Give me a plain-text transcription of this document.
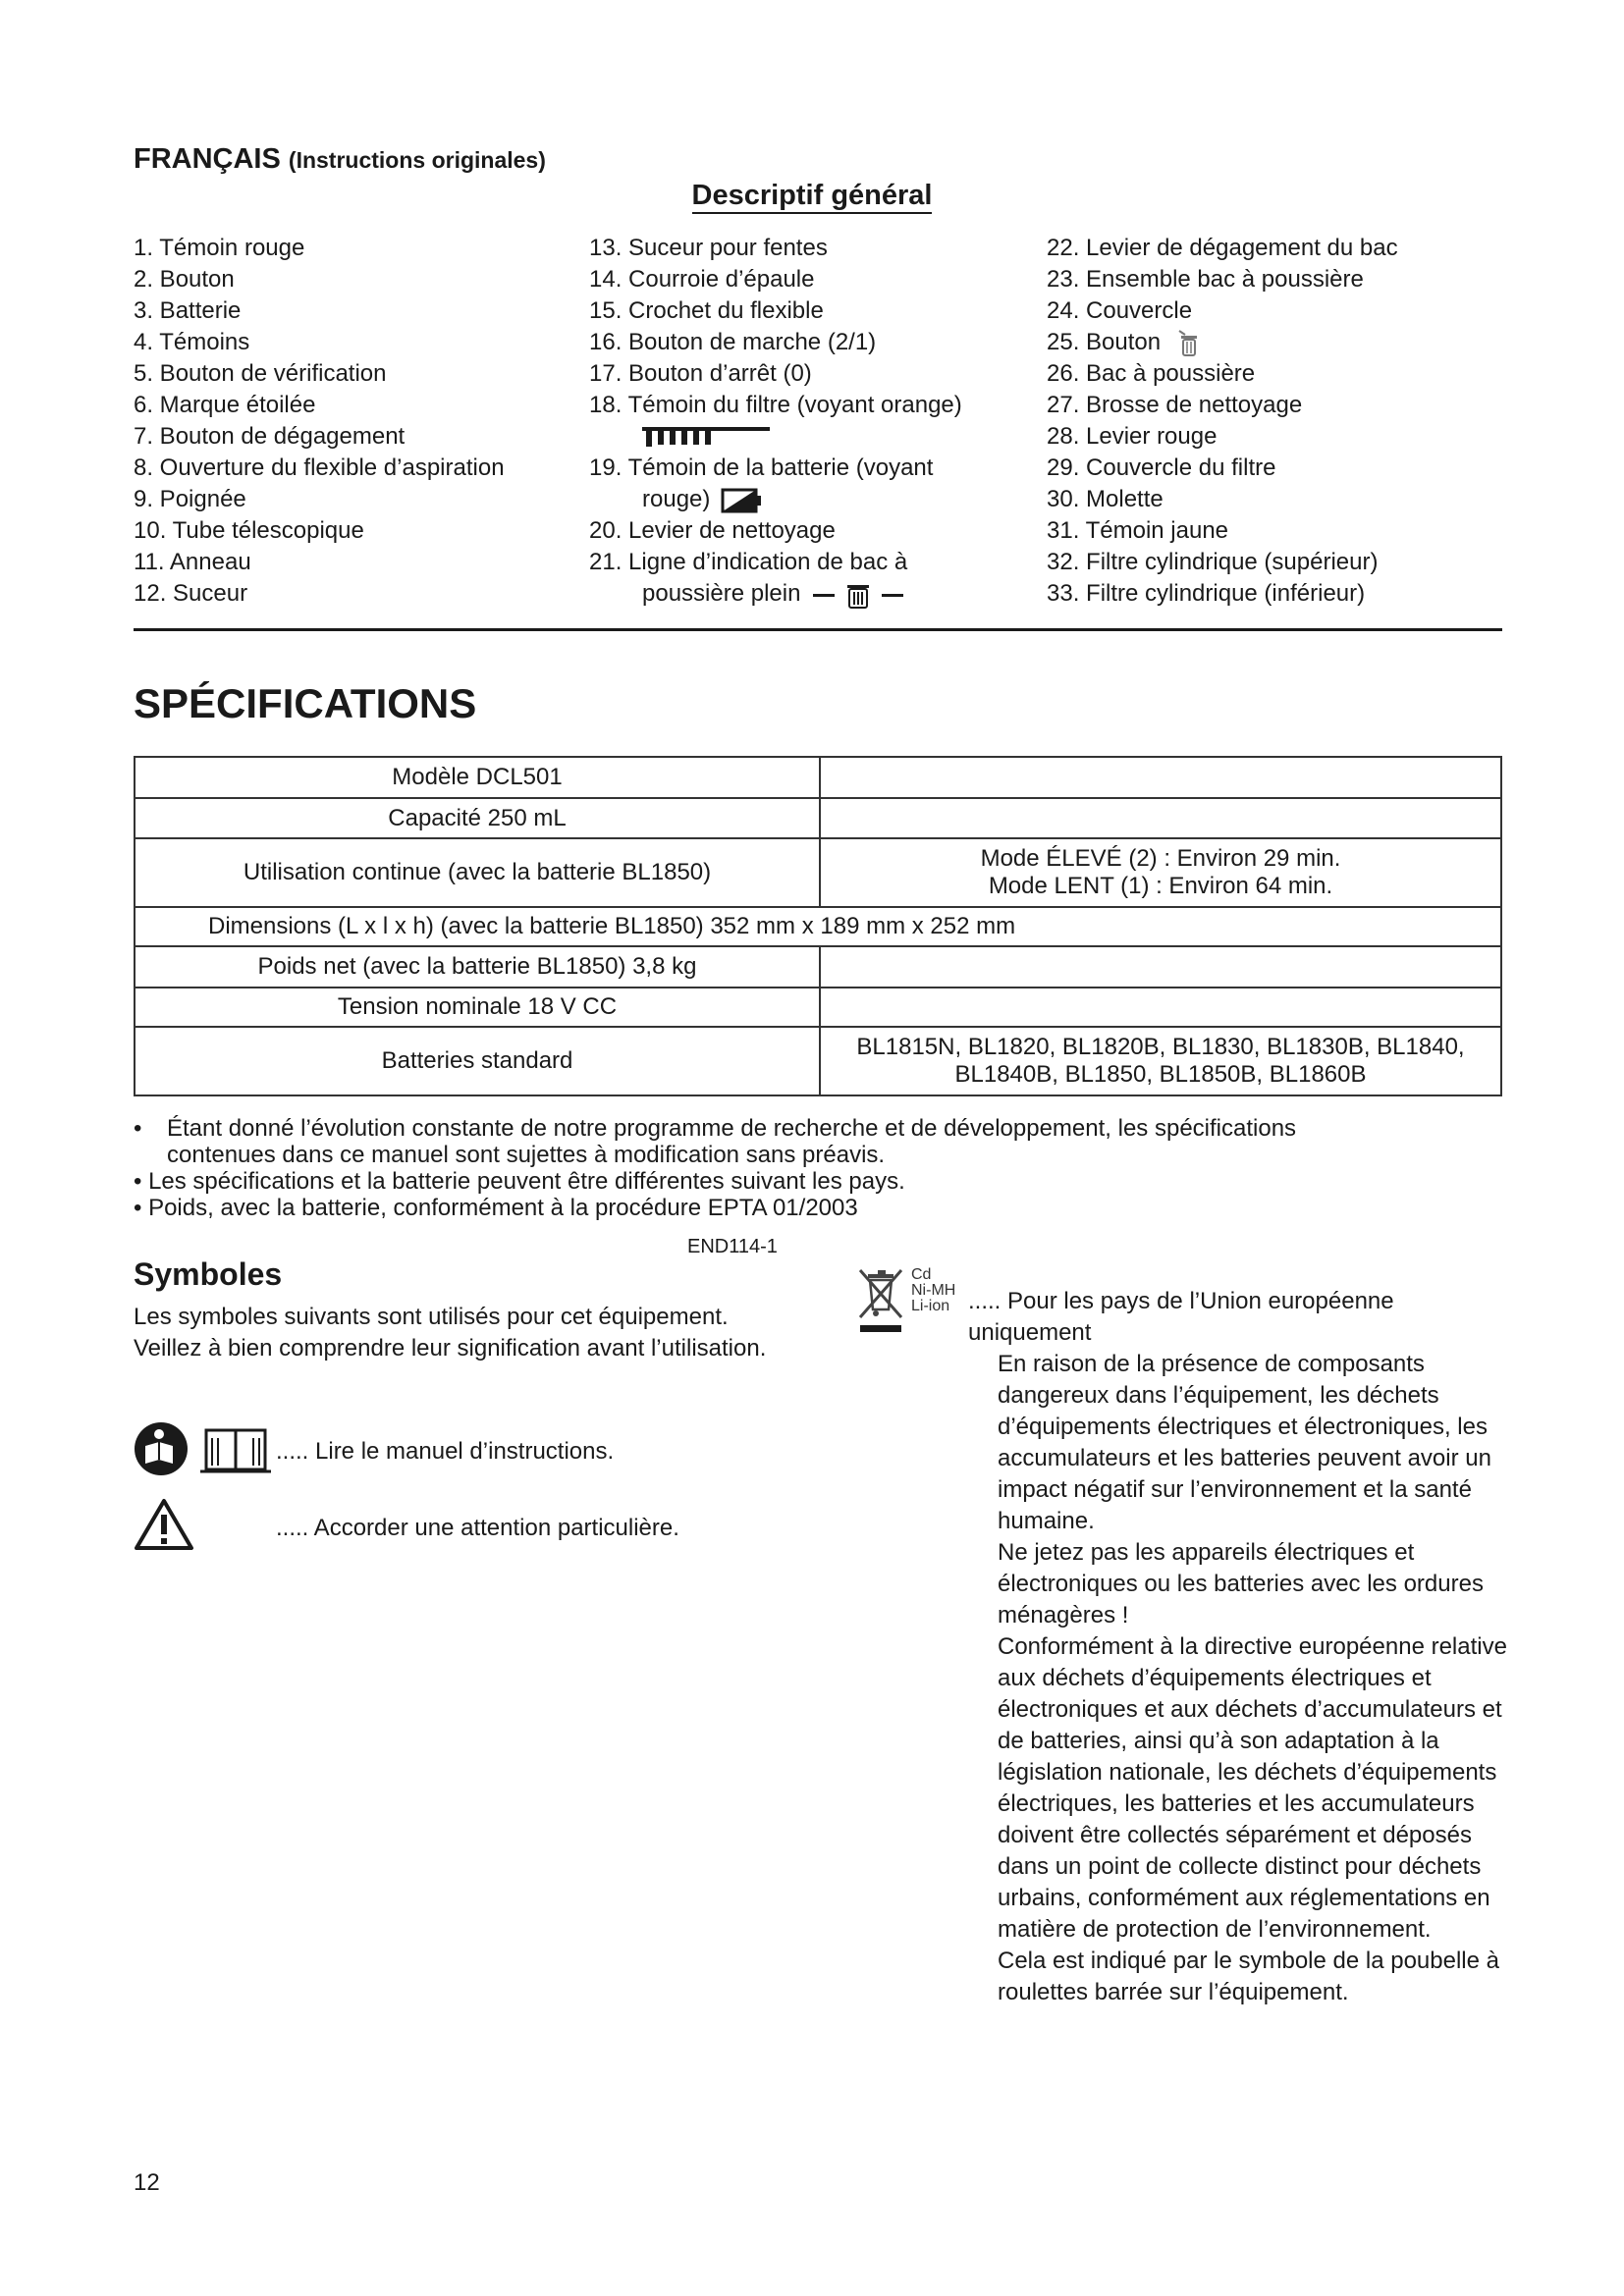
FRANÇAIS (Instructions originales)
Descriptif général
1. Témoin rouge
2. Bouton
3. Batterie
4. Témoins
5. Bouton de vérification
6. Marque étoilée
7. Bouton de dégagement
8. Ouverture du flexible d’aspiration
9. Poignée
10. Tube télescopique
11. Anneau
12. Suceur
13. Suceur pour fentes
14. Courroie d’épaule
15. Crochet du flexible
16. Bouton de marche (2/1)
17. Bouton d’arrêt (0)
18. Témoin du filtre (voyant orange)
19. Témoin de la batterie (voyant
rouge)
20. Levier de nettoyage
21. Ligne d’indication de bac à
poussière plein
22. Levier de dégagement du bac
23. Ensemble bac à poussière
24. Couvercle
25. Bouton
26. Bac à poussière
27. Brosse de nettoyage
28. Levier rouge
29. Couvercle du filtre
30. Molette
31. Témoin jaune
32. Filtre cylindrique (supérieur)
33. Filtre cylindrique (inférieur)
SPÉCIFICATIONS
Modèle DCL501	
Capacité 250 mL	
Utilisation continue (avec la batterie BL1850)	Mode ÉLEVÉ (2) : Environ 29 min.
Mode LENT (1) : Environ 64 min.

Dimensions (L x l x h) (avec la batterie BL1850) 352 mm x 189 mm x 252 mm	
Poids net (avec la batterie BL1850) 3,8 kg	
Tension nominale 18 V CC	
Batteries standard	BL1815N, BL1820, BL1820B, BL1830, BL1830B, BL1840,
BL1840B, BL1850, BL1850B, BL1860B
• Étant donné l’évolution constante de notre programme de recherche et de développement, les spécifications
contenues dans ce manuel sont sujettes à modification sans préavis.
• Les spécifications et la batterie peuvent être différentes suivant les pays.
• Poids, avec la batterie, conformément à la procédure EPTA 01/2003
END114-1
Symboles
Les symboles suivants sont utilisés pour cet équipement. Veillez à bien comprendre leur signification avant l’utilisation.
..... Lire le manuel d’instructions.
..... Accorder une attention particulière.
Cd
Ni-MH
Li-ion ..... Pour les pays de l’Union européenne uniquement
En raison de la présence de composants dangereux dans l’équipement, les déchets d’équipements électriques et électroniques, les accumulateurs et les batteries peuvent avoir un impact négatif sur l’environnement et la santé humaine.
Ne jetez pas les appareils électriques et électroniques ou les batteries avec les ordures ménagères !
Conformément à la directive européenne relative aux déchets d’équipements électriques et électroniques et aux déchets d’accumulateurs et de batteries, ainsi qu’à son adaptation à la législation nationale, les déchets d’équipements électriques, les batteries et les accumulateurs doivent être collectés séparément et déposés dans un point de collecte distinct pour déchets urbains, conformément aux réglementations en matière de protection de l’environnement.
Cela est indiqué par le symbole de la poubelle à roulettes barrée sur l’équipement.
12
